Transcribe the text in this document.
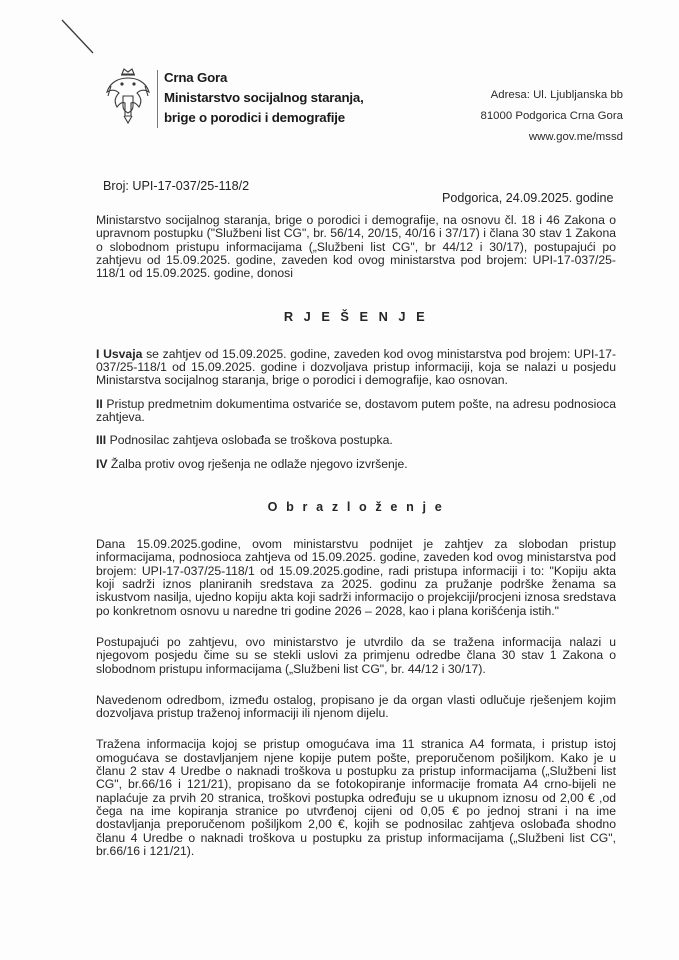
Crna Gora
Ministarstvo socijalnog staranja,
brige o porodici i demografije
Adresa: Ul. Ljubljanska bb
81000 Podgorica Crna Gora
www.gov.me/mssd
Broj: UPI-17-037/25-118/2
Podgorica, 24.09.2025. godine

Ministarstvo socijalnog staranja, brige o porodici i demografije, na osnovu čl. 18 i 46 Zakona o upravnom postupku ("Službeni list CG", br. 56/14, 20/15, 40/16 i 37/17) i člana 30 stav 1 Zakona o slobodnom pristupu informacijama („Službeni list CG", br 44/12 i 30/17), postupajući po zahtjevu od 15.09.2025. godine, zaveden kod ovog ministarstva pod brojem: UPI-17-037/25-118/1 od 15.09.2025. godine, donosi

R J E Š E N J E

I Usvaja se zahtjev od 15.09.2025. godine, zaveden kod ovog ministarstva pod brojem: UPI-17-037/25-118/1 od 15.09.2025. godine i dozvoljava pristup informaciji, koja se nalazi u posjedu Ministarstva socijalnog staranja, brige o porodici i demografije, kao osnovan.

II Pristup predmetnim dokumentima ostvariće se, dostavom putem pošte, na adresu podnosioca zahtjeva.

III Podnosilac zahtjeva oslobađa se troškova postupka.

IV Žalba protiv ovog rješenja ne odlaže njegovo izvršenje.

O b r a z l o ž e n j e

Dana 15.09.2025.godine, ovom ministarstvu podnijet je zahtjev za slobodan pristup informacijama, podnosioca zahtjeva od 15.09.2025. godine, zaveden kod ovog ministarstva pod brojem: UPI-17-037/25-118/1 od 15.09.2025.godine, radi pristupa informaciji i to: "Kopiju akta koji sadrži iznos planiranih sredstava za 2025. godinu za pružanje podrške ženama sa iskustvom nasilja, ujedno kopiju akta koji sadrži informacijo o projekciji/procjeni iznosa sredstava po konkretnom osnovu u naredne tri godine 2026 – 2028, kao i plana korišćenja istih."

Postupajući po zahtjevu, ovo ministarstvo je utvrdilo da se tražena informacija nalazi u njegovom posjedu čime su se stekli uslovi za primjenu odredbe člana 30 stav 1 Zakona o slobodnom pristupu informacijama („Službeni list CG", br. 44/12 i 30/17).

Navedenom odredbom, između ostalog, propisano je da organ vlasti odlučuje rješenjem kojim dozvoljava pristup traženoj informaciji ili njenom dijelu.

Tražena informacija kojoj se pristup omogućava ima 11 stranica A4 formata, i pristup istoj omogućava se dostavljanjem njene kopije putem pošte, preporučenom pošiljkom. Kako je u članu 2 stav 4 Uredbe o naknadi troškova u postupku za pristup informacijama („Službeni list CG", br.66/16 i 121/21), propisano da se fotokopiranje informacije fromata A4 crno-bijeli ne naplaćuje za prvih 20 stranica, troškovi postupka određuju se u ukupnom iznosu od 2,00 € ,od čega na ime kopiranja stranice po utvrđenoj cijeni od 0,05 € po jednoj strani i na ime dostavljanja preporučenom pošiljkom 2,00 €, kojih se podnosilac zahtjeva oslobađa shodno članu 4 Uredbe o naknadi troškova u postupku za pristup informacijama („Službeni list CG", br.66/16 i 121/21).
